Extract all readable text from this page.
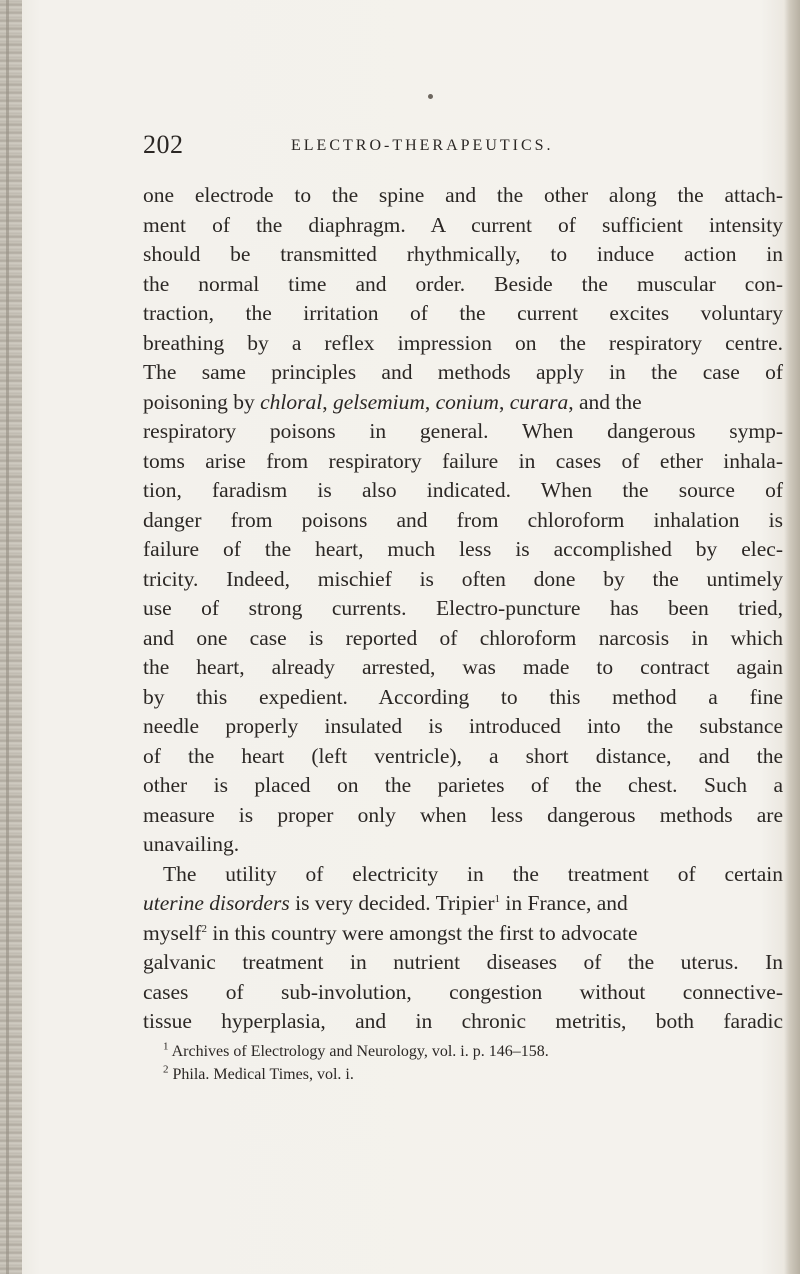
202	ELECTRO-THERAPEUTICS.
one electrode to the spine and the other along the attach-
ment of the diaphragm. A current of sufficient intensity
should be transmitted rhythmically, to induce action in
the normal time and order. Beside the muscular con-
traction, the irritation of the current excites voluntary
breathing by a reflex impression on the respiratory centre.
The same principles and methods apply in the case of
poisoning by chloral, gelsemium, conium, curara, and the
respiratory poisons in general. When dangerous symp-
toms arise from respiratory failure in cases of ether inhala-
tion, faradism is also indicated. When the source of
danger from poisons and from chloroform inhalation is
failure of the heart, much less is accomplished by elec-
tricity. Indeed, mischief is often done by the untimely
use of strong currents. Electro-puncture has been tried,
and one case is reported of chloroform narcosis in which
the heart, already arrested, was made to contract again
by this expedient. According to this method a fine
needle properly insulated is introduced into the substance
of the heart (left ventricle), a short distance, and the
other is placed on the parietes of the chest. Such a
measure is proper only when less dangerous methods are
unavailing.
The utility of electricity in the treatment of certain
uterine disorders is very decided. Tripier$^1$ in France, and
myself$^2$ in this country were amongst the first to advocate
galvanic treatment in nutrient diseases of the uterus. In
cases of sub-involution, congestion without connective-
tissue hyperplasia, and in chronic metritis, both faradic
$^1$ Archives of Electrology and Neurology, vol. i. p. 146–158.
$^2$ Phila. Medical Times, vol. i.
